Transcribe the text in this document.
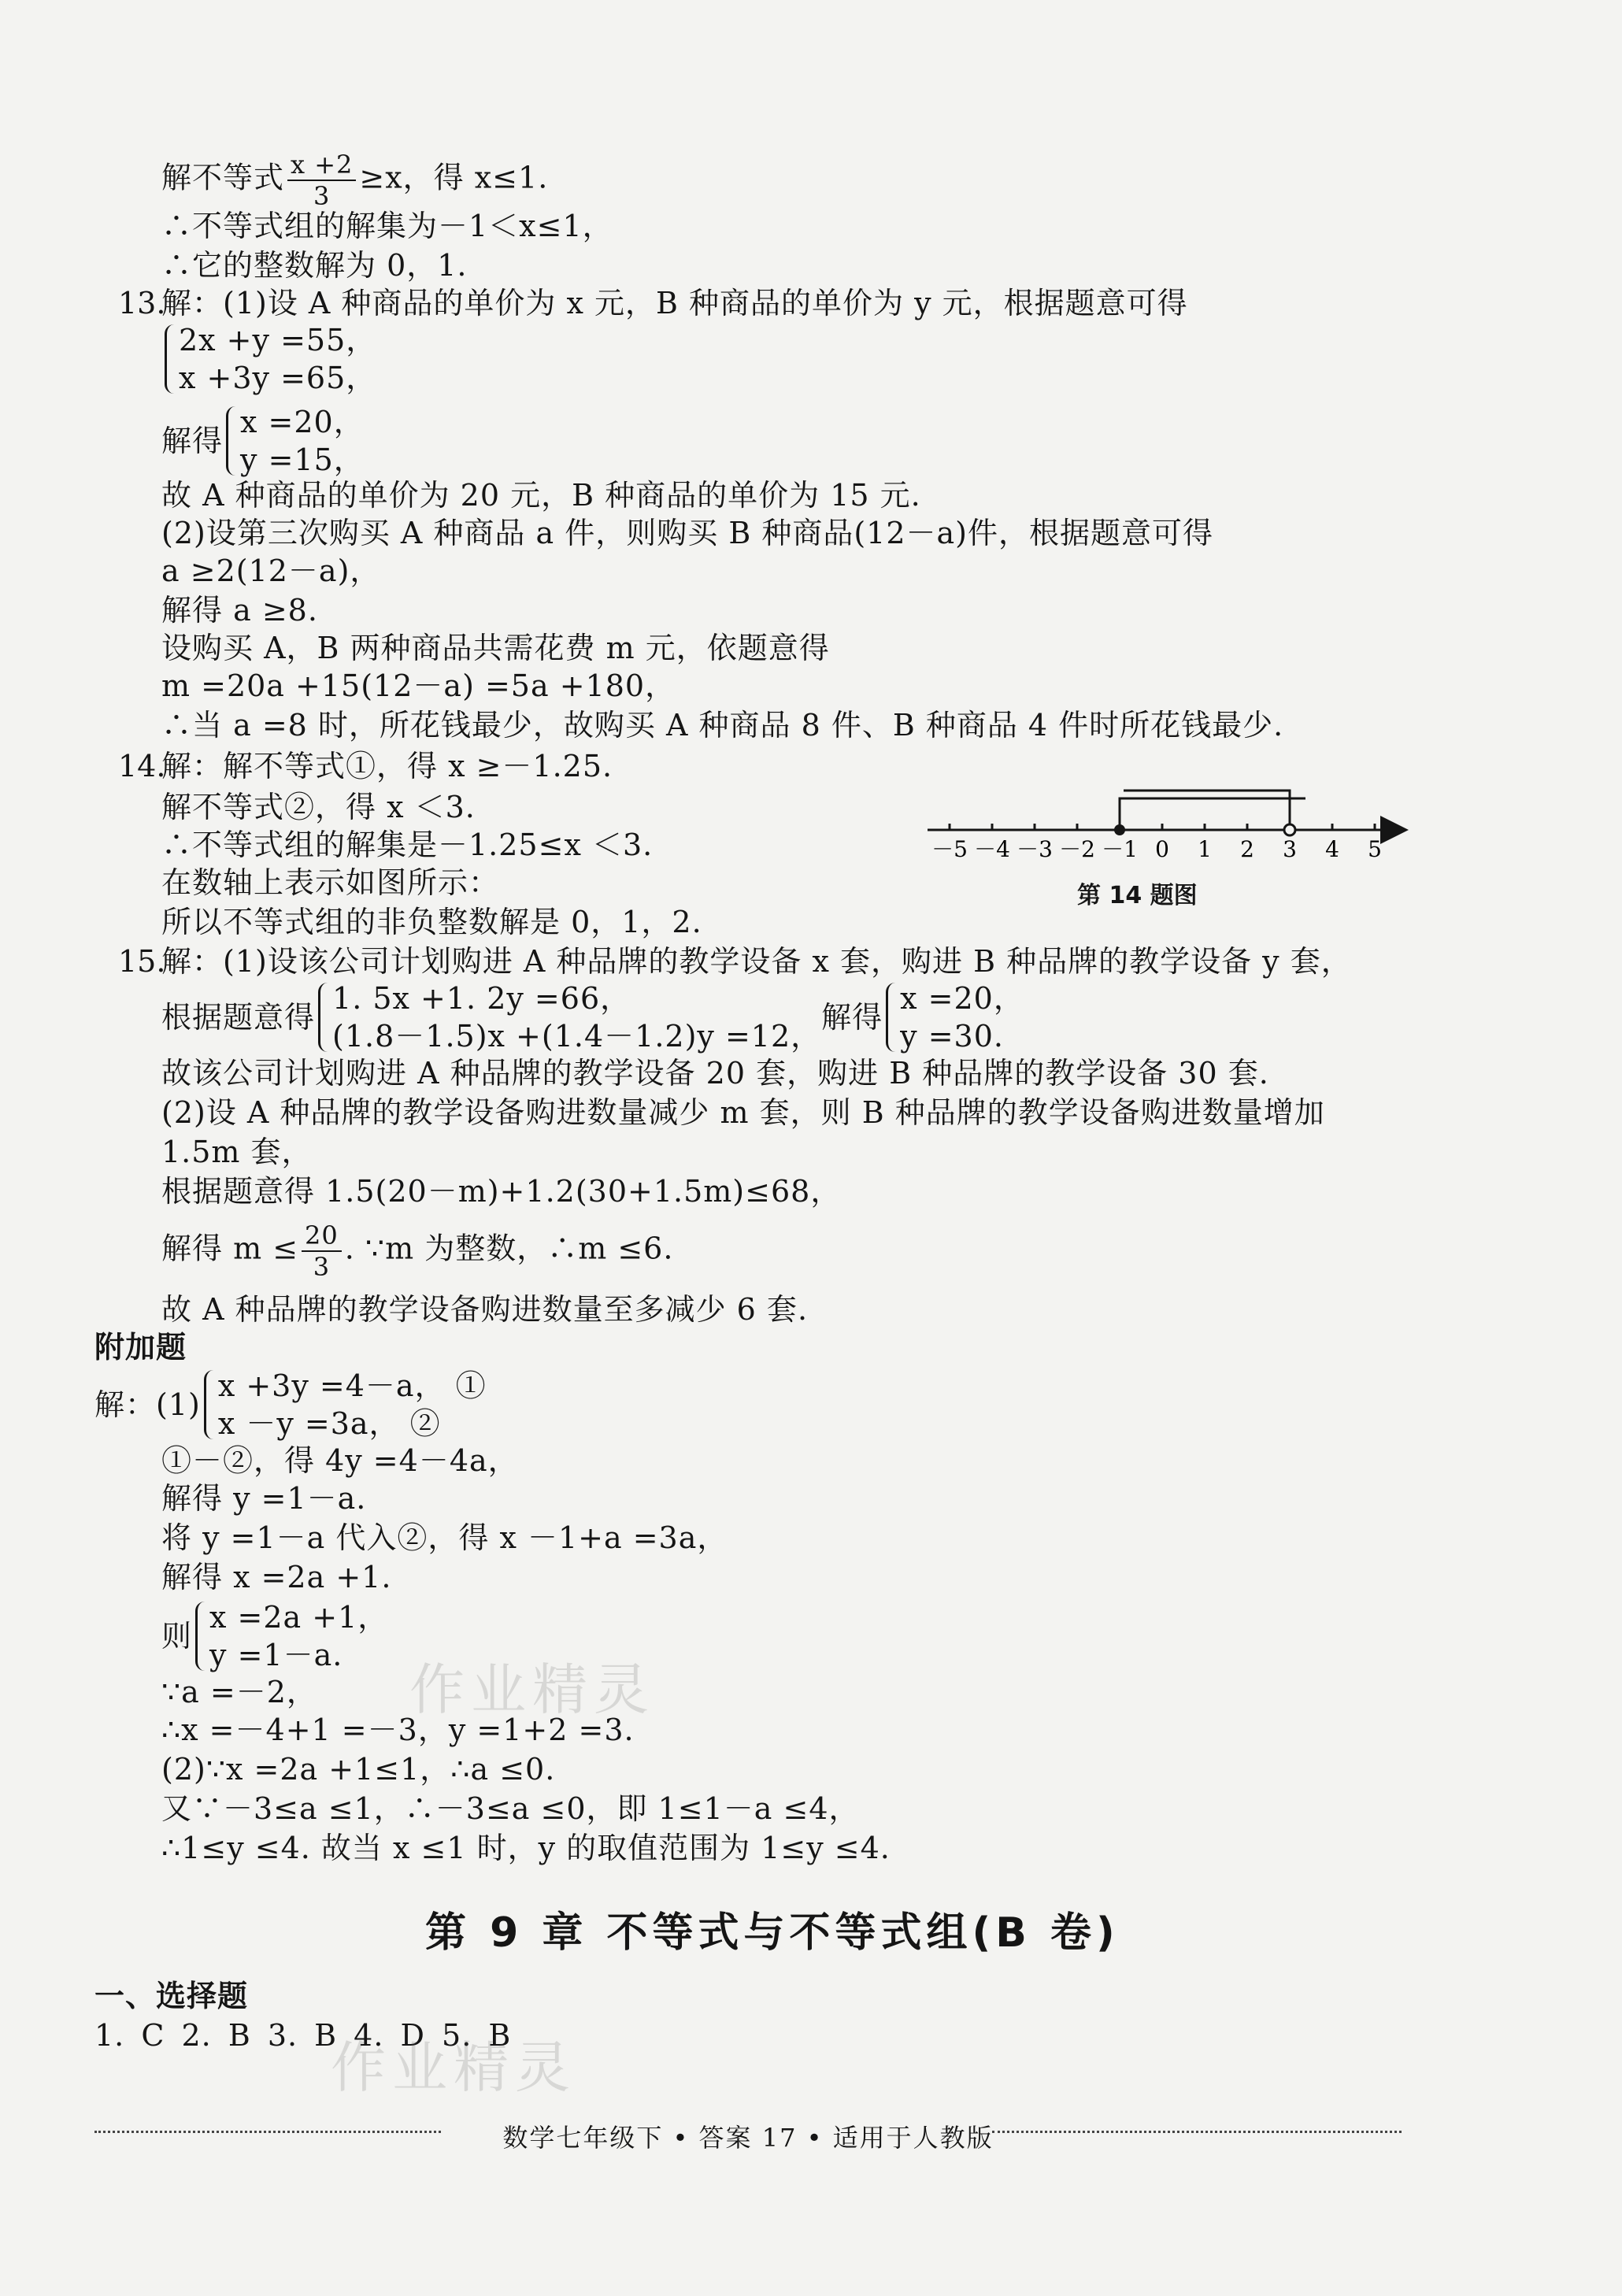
解不等式 $\frac{x +2}{3} \ge x$，得 x≤1.
∴不等式组的解集为－1＜x≤1，
∴它的整数解为 0，1.
13.
解：(1)设 A 种商品的单价为 x 元，B 种商品的单价为 y 元，根据题意可得
2x +y =55，
x +3y =65，
解得
x =20，
y =15，
故 A 种商品的单价为 20 元，B 种商品的单价为 15 元.
(2)设第三次购买 A 种商品 a 件，则购买 B 种商品(12－a)件，根据题意可得
a ≥2(12－a)，
解得 a ≥8.
设购买 A，B 两种商品共需花费 m 元，依题意得
m =20a +15(12－a) =5a +180，
∴当 a =8 时，所花钱最少，故购买 A 种商品 8 件、B 种商品 4 件时所花钱最少.
14.
解：解不等式①，得 x ≥－1.25.
解不等式②，得 x ＜3.
∴不等式组的解集是－1.25≤x ＜3.
在数轴上表示如图所示：
所以不等式组的非负整数解是 0，1，2.
－5 －4 －3 －2 －1 0 1 2 3 4 5
第 14 题图
15.
解：(1)设该公司计划购进 A 种品牌的教学设备 x 套，购进 B 种品牌的教学设备 y 套，
根据题意得
1. 5x +1. 2y =66，
(1.8－1.5)x +(1.4－1.2)y =12，
解得
x =20，
y =30.
故该公司计划购进 A 种品牌的教学设备 20 套，购进 B 种品牌的教学设备 30 套.
(2)设 A 种品牌的教学设备购进数量减少 m 套，则 B 种品牌的教学设备购进数量增加
1.5m 套，
根据题意得 1.5(20－m)+1.2(30+1.5m)≤68，
解得 $m \le \frac{20}{3}$ . ∵m 为整数，∴m ≤6.
故 A 种品牌的教学设备购进数量至多减少 6 套.
附加题
解：(1)
x +3y =4－a， ①
x －y =3a， ②
①－②，得 4y =4－4a，
解得 y =1－a.
将 y =1－a 代入②，得 x －1+a =3a，
解得 x =2a +1.
则
x =2a +1，
y =1－a.
∵a =－2，
∴x =－4+1 =－3，y =1+2 =3.
(2)∵x =2a +1≤1，∴a ≤0.
又∵－3≤a ≤1，∴－3≤a ≤0，即 1≤1－a ≤4，
∴1≤y ≤4. 故当 x ≤1 时，y 的取值范围为 1≤y ≤4.
第 9 章 不等式与不等式组(B 卷)
一、选择题
1. C 2. B 3. B 4. D 5. B
作业精灵
作业精灵
数学七年级下 • 答案 17 • 适用于人教版
